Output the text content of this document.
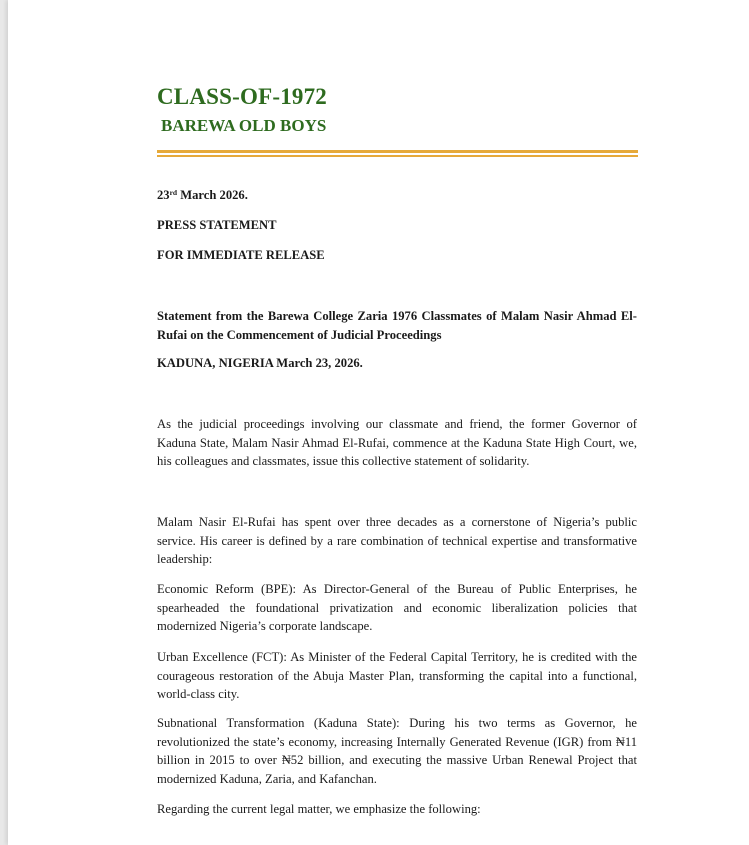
CLASS-OF-1972
BAREWA OLD BOYS
23rd March 2026.
PRESS STATEMENT
FOR IMMEDIATE RELEASE

Statement from the Barewa College Zaria 1976 Classmates of Malam Nasir Ahmad El-Rufai on the Commencement of Judicial Proceedings

KADUNA, NIGERIA March 23, 2026.

As the judicial proceedings involving our classmate and friend, the former Governor of Kaduna State, Malam Nasir Ahmad El-Rufai, commence at the Kaduna State High Court, we, his colleagues and classmates, issue this collective statement of solidarity.

Malam Nasir El-Rufai has spent over three decades as a cornerstone of Nigeria’s public service. His career is defined by a rare combination of technical expertise and transformative leadership:

Economic Reform (BPE): As Director-General of the Bureau of Public Enterprises, he spearheaded the foundational privatization and economic liberalization policies that modernized Nigeria’s corporate landscape.

Urban Excellence (FCT): As Minister of the Federal Capital Territory, he is credited with the courageous restoration of the Abuja Master Plan, transforming the capital into a functional, world-class city.

Subnational Transformation (Kaduna State): During his two terms as Governor, he revolutionized the state’s economy, increasing Internally Generated Revenue (IGR) from ₦11 billion in 2015 to over ₦52 billion, and executing the massive Urban Renewal Project that modernized Kaduna, Zaria, and Kafanchan.

Regarding the current legal matter, we emphasize the following:
